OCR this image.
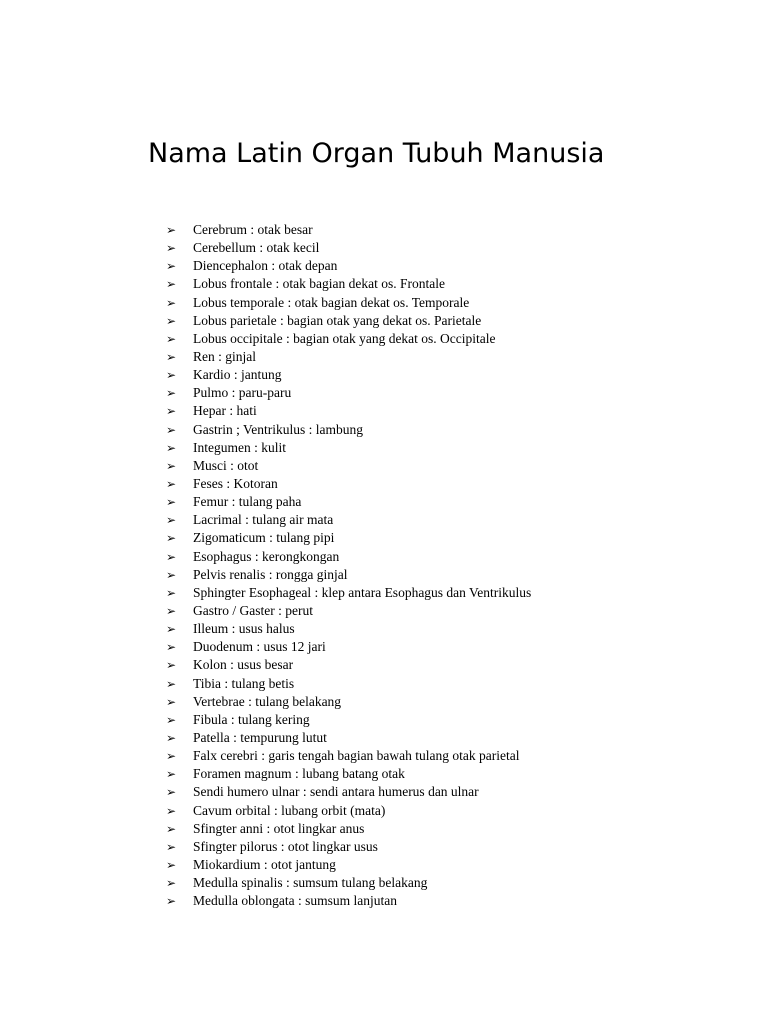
Nama Latin Organ Tubuh Manusia
➢ Cerebrum : otak besar
➢ Cerebellum : otak kecil
➢ Diencephalon : otak depan
➢ Lobus frontale : otak bagian dekat os. Frontale
➢ Lobus temporale : otak bagian dekat os. Temporale
➢ Lobus parietale : bagian otak yang dekat os. Parietale
➢ Lobus occipitale : bagian otak yang dekat os. Occipitale
➢ Ren : ginjal
➢ Kardio : jantung
➢ Pulmo : paru-paru
➢ Hepar : hati
➢ Gastrin ; Ventrikulus : lambung
➢ Integumen : kulit
➢ Musci : otot
➢ Feses : Kotoran
➢ Femur : tulang paha
➢ Lacrimal : tulang air mata
➢ Zigomaticum : tulang pipi
➢ Esophagus : kerongkongan
➢ Pelvis renalis : rongga ginjal
➢ Sphingter Esophageal : klep antara Esophagus dan Ventrikulus
➢ Gastro / Gaster : perut
➢ Illeum : usus halus
➢ Duodenum : usus 12 jari
➢ Kolon : usus besar
➢ Tibia : tulang betis
➢ Vertebrae : tulang belakang
➢ Fibula : tulang kering
➢ Patella : tempurung lutut
➢ Falx cerebri : garis tengah bagian bawah tulang otak parietal
➢ Foramen magnum : lubang batang otak
➢ Sendi humero ulnar : sendi antara humerus dan ulnar
➢ Cavum orbital : lubang orbit (mata)
➢ Sfingter anni : otot lingkar anus
➢ Sfingter pilorus : otot lingkar usus
➢ Miokardium : otot jantung
➢ Medulla spinalis : sumsum tulang belakang
➢ Medulla oblongata : sumsum lanjutan
